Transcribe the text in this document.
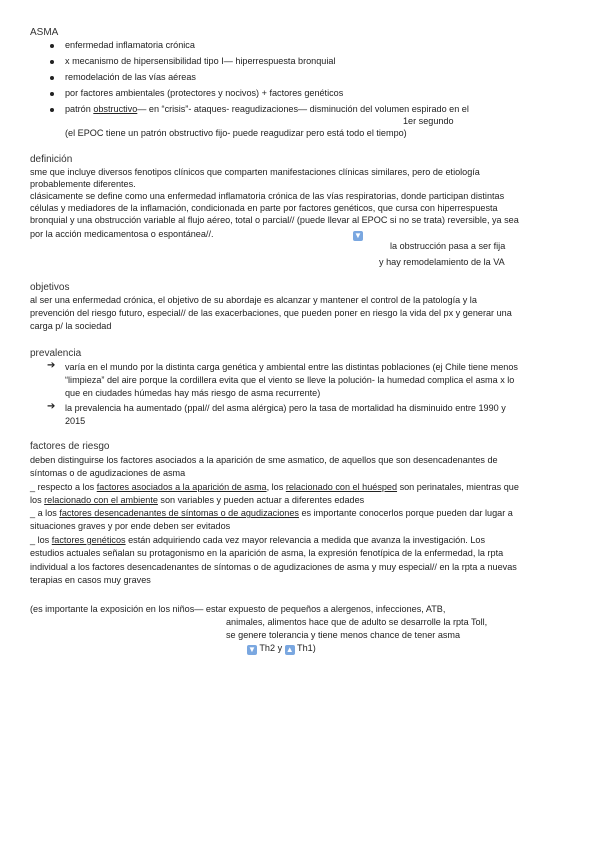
ASMA
enfermedad inflamatoria crónica
x mecanismo de hipersensibilidad tipo I— hiperrespuesta bronquial
remodelación de las vías aéreas
por factores ambientales (protectores y nocivos) + factores genéticos
patrón obstructivo— en “crisis”- ataques- reagudizaciones— disminución del volumen espirado en el
1er segundo
(el EPOC tiene un patrón obstructivo fijo- puede reagudizar pero está todo el tiempo)
definición
sme que incluye diversos fenotipos clínicos que comparten manifestaciones clínicas similares, pero de etiología
probablemente diferentes.
clásicamente se define como una enfermedad inflamatoria crónica de las vías respiratorias, donde participan distintas
células y mediadores de la inflamación, condicionada en parte por factores genéticos, que cursa con hiperrespuesta
bronquial y una obstrucción variable al flujo aéreo, total o parcial// (puede llevar al EPOC si no se trata) reversible, ya sea
por la acción medicamentosa o espontánea//.	▼
la obstrucción pasa a ser fija
y hay remodelamiento de la VA
objetivos
al ser una enfermedad crónica, el objetivo de su abordaje es alcanzar y mantener el control de la patología y la
prevención del riesgo futuro, especial// de las exacerbaciones, que pueden poner en riesgo la vida del px y generar una
carga p/ la sociedad
prevalencia
➔ varía en el mundo por la distinta carga genética y ambiental entre las distintas poblaciones (ej Chile tiene menos
“limpieza” del aire porque la cordillera evita que el viento se lleve la polución- la humedad complica el asma x lo
que en ciudades húmedas hay más riesgo de asma recurrente)
➔ la prevalencia ha aumentado (ppal// del asma alérgica) pero la tasa de mortalidad ha disminuido entre 1990 y
2015
factores de riesgo
deben distinguirse los factores asociados a la aparición de sme asmatico, de aquellos que son desencadenantes de
síntomas o de agudizaciones de asma
_ respecto a los factores asociados a la aparición de asma, los relacionado con el huésped son perinatales, mientras que
los relacionado con el ambiente son variables y pueden actuar a diferentes edades
_ a los factores desencadenantes de síntomas o de agudizaciones es importante conocerlos porque pueden dar lugar a
situaciones graves y por ende deben ser evitados
_ los factores genéticos están adquiriendo cada vez mayor relevancia a medida que avanza la investigación. Los
estudios actuales señalan su protagonismo en la aparición de asma, la expresión fenotípica de la enfermedad, la rpta
individual a los factores desencadenantes de síntomas o de agudizaciones de asma y muy especial// en la rpta a nuevas
terapias en casos muy graves
(es importante la exposición en los niños— estar expuesto de pequeños a alergenos, infecciones, ATB,
animales, alimentos hace que de adulto se desarrolle la rpta Toll,
se genere tolerancia y tiene menos chance de tener asma
▼ Th2 y ▲ Th1)
